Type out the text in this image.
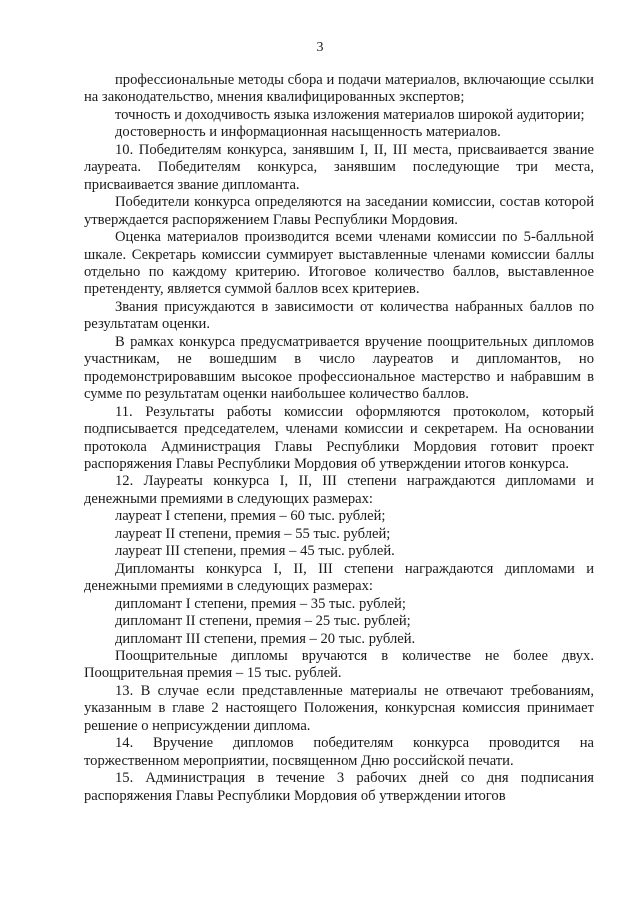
3

профессиональные методы сбора и подачи материалов, включающие ссылки на законодательство, мнения квалифицированных экспертов;

точность и доходчивость языка изложения материалов широкой аудитории;

достоверность и информационная насыщенность материалов.

10. Победителям конкурса, занявшим I, II, III места, присваивается звание лауреата. Победителям конкурса, занявшим последующие три места, присваивается звание дипломанта.

Победители конкурса определяются на заседании комиссии, состав которой утверждается распоряжением Главы Республики Мордовия.

Оценка материалов производится всеми членами комиссии по 5-балльной шкале. Секретарь комиссии суммирует выставленные членами комиссии баллы отдельно по каждому критерию. Итоговое количество баллов, выставленное претенденту, является суммой баллов всех критериев.

Звания присуждаются в зависимости от количества набранных баллов по результатам оценки.

В рамках конкурса предусматривается вручение поощрительных дипломов участникам, не вошедшим в число лауреатов и дипломантов, но продемонстрировавшим высокое профессиональное мастерство и набравшим в сумме по результатам оценки наибольшее количество баллов.

11. Результаты работы комиссии оформляются протоколом, который подписывается председателем, членами комиссии и секретарем. На основании протокола Администрация Главы Республики Мордовия готовит проект распоряжения Главы Республики Мордовия об утверждении итогов конкурса.

12. Лауреаты конкурса I, II, III степени награждаются дипломами и денежными премиями в следующих размерах:

лауреат I степени, премия – 60 тыс. рублей;

лауреат II степени, премия – 55 тыс. рублей;

лауреат III степени, премия – 45 тыс. рублей.

Дипломанты конкурса I, II, III степени награждаются дипломами и денежными премиями в следующих размерах:

дипломант I степени, премия – 35 тыс. рублей;

дипломант II степени, премия – 25 тыс. рублей;

дипломант III степени, премия – 20 тыс. рублей.

Поощрительные дипломы вручаются в количестве не более двух. Поощрительная премия – 15 тыс. рублей.

13. В случае если представленные материалы не отвечают требованиям, указанным в главе 2 настоящего Положения, конкурсная комиссия принимает решение о неприсуждении диплома.

14. Вручение дипломов победителям конкурса проводится на торжественном мероприятии, посвященном Дню российской печати.

15. Администрация в течение 3 рабочих дней со дня подписания распоряжения Главы Республики Мордовия об утверждении итогов
